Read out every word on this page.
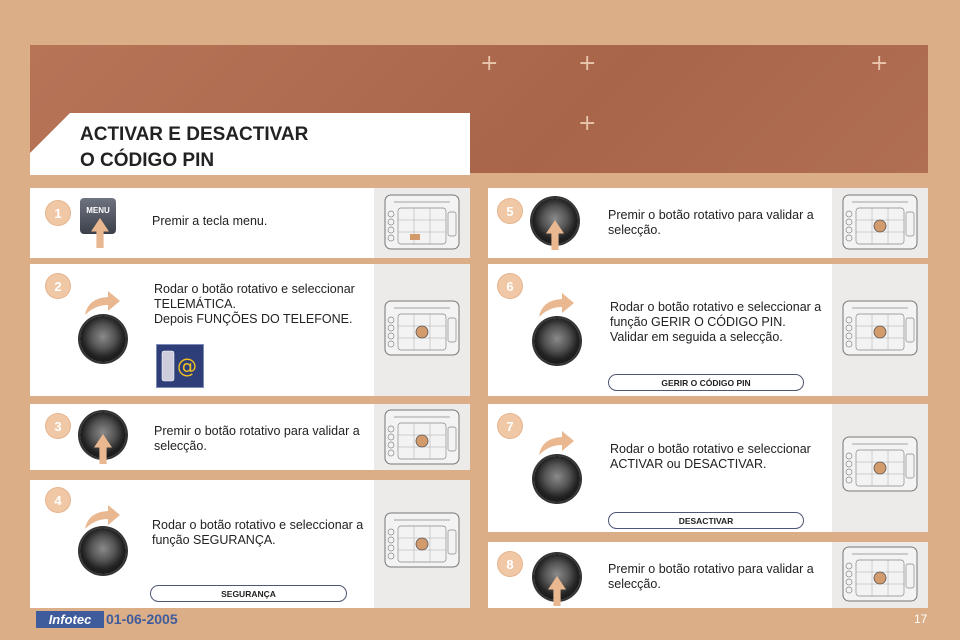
+	+	+
+
ACTIVAR E DESACTIVAR
O CÓDIGO PIN
1	MENU
Premir a tecla menu.
2
@
Rodar o botão rotativo e seleccionar
TELEMÁTICA.
Depois FUNÇÕES DO TELEFONE.
3	Premir o botão rotativo para validar a
selecção.
4
Rodar o botão rotativo e seleccionar a
função SEGURANÇA.
SEGURANÇA
5	Premir o botão rotativo para validar a
selecção.
6
Rodar o botão rotativo e seleccionar a
função GERIR O CÓDIGO PIN.
Validar em seguida a selecção.
GERIR O CÓDIGO PIN
7
Rodar o botão rotativo e seleccionar
ACTIVAR ou DESACTIVAR.
DESACTIVAR
8	Premir o botão rotativo para validar a
selecção.
Infotec	01-06-2005	17
